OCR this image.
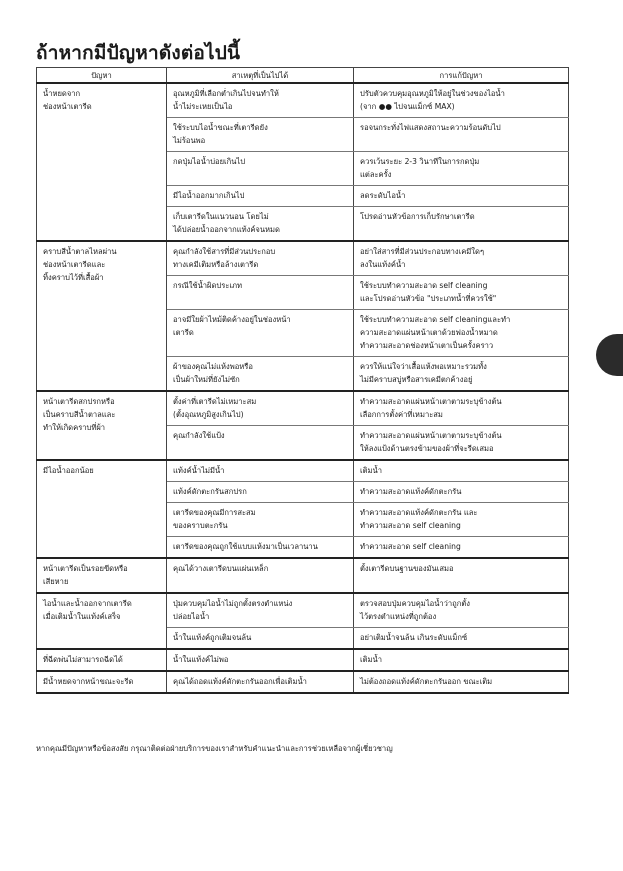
ถ้าหากมีปัญหาดังต่อไปนี้
ปัญหา	สาเหตุที่เป็นไปได้	การแก้ปัญหา
น้ำหยดจาก
ช่องหน้าเตารีด	อุณหภูมิที่เลือกต่ำเกินไปจนทำให้
น้ำไม่ระเหยเป็นไอ	ปรับตัวควบคุมอุณหภูมิให้อยู่ในช่วงของไอน้ำ
(จาก ●● ไปจนแม็กซ์ MAX)
	ใช้ระบบไอน้ำขณะที่เตารีดยัง
ไม่ร้อนพอ	รอจนกระทั่งไฟแสดงสถานะความร้อนดับไป
	กดปุ่มไอน้ำบ่อยเกินไป	ควรเว้นระยะ 2-3 วินาทีในการกดปุ่ม
แต่ละครั้ง
	มีไอน้ำออกมากเกินไป	ลดระดับไอน้ำ
	เก็บเตารีดในแนวนอน โดยไม่
ได้ปล่อยน้ำออกจากแท้งค์จนหมด	โปรดอ่านหัวข้อการเก็บรักษาเตารีด
คราบสีน้ำตาลไหลผ่าน
ช่องหน้าเตารีดและ
ทิ้งคราบไว้ที่เสื้อผ้า	คุณกำลังใช้สารที่มีส่วนประกอบ
ทางเคมีเติมหรือล้างเตารีด	อย่าใส่สารที่มีส่วนประกอบทางเคมีใดๆ
ลงในแท้งค์น้ำ
	กรณีใช้น้ำผิดประเภท	ใช้ระบบทำความสะอาด self cleaning
และโปรดอ่านหัวข้อ "ประเภทน้ำที่ควรใช้"
	อาจมีใยผ้าไหม้ติดค้างอยู่ในช่องหน้า
เตารีด	ใช้ระบบทำความสะอาด self cleaningและทำ
ความสะอาดแผ่นหน้าเตาด้วยฟองน้ำหมาด
ทำความสะอาดช่องหน้าเตาเป็นครั้งคราว
	ผ้าของคุณไม่แห้งพอหรือ
เป็นผ้าใหม่ที่ยังไม่ซัก	ควรให้แน่ใจว่าเสื้อแห้งพอเหมาะรวมทั้ง
ไม่มีคราบสบู่หรือสารเคมีตกค้างอยู่
หน้าเตารีดสกปรกหรือ
เป็นคราบสีน้ำตาลและ
ทำให้เกิดคราบที่ผ้า	ตั้งค่าที่เตารีดไม่เหมาะสม
(ตั้งอุณหภูมิสูงเกินไป)	ทำความสะอาดแผ่นหน้าเตาตามระบุข้างต้น
เลือกการตั้งค่าที่เหมาะสม
	คุณกำลังใช้แป้ง	ทำความสะอาดแผ่นหน้าเตาตามระบุข้างต้น
ให้ลงแป้งด้านตรงข้ามของผ้าที่จะรีดเสมอ
มีไอน้ำออกน้อย	แท้งค์น้ำไม่มีน้ำ	เติมน้ำ
	แท้งค์ดักตะกรันสกปรก	ทำความสะอาดแท้งค์ดักตะกรัน
	เตารีดของคุณมีการสะสม
ของคราบตะกรัน	ทำความสะอาดแท้งค์ดักตะกรัน และ
ทำความสะอาด self cleaning
	เตารีดของคุณถูกใช้แบบแห้งมาเป็นเวลานาน	ทำความสะอาด self cleaning
หน้าเตารีดเป็นรอยขีดหรือ
เสียหาย	คุณได้วางเตารีดบนแผ่นเหล็ก	ตั้งเตารีดบนฐานของมันเสมอ
ไอน้ำและน้ำออกจากเตารีด
เมื่อเติมน้ำในแท้งค์เสร็จ	ปุ่มควบคุมไอน้ำไม่ถูกตั้งตรงตำแหน่ง
ปล่อยไอน้ำ	ตรวจสอบปุ่มควบคุมไอน้ำว่าถูกตั้ง
ไว้ตรงตำแหน่งที่ถูกต้อง
	น้ำในแท้งค์ถูกเติมจนล้น	อย่าเติมน้ำจนล้น เกินระดับแม็กซ์
ที่ฉีดพ่นไม่สามารถฉีดได้	น้ำในแท้งค์ไม่พอ	เติมน้ำ
มีน้ำหยดจากหน้าขณะจะรีด	คุณได้ถอดแท้งค์ดักตะกรันออกเพื่อเติมน้ำ	ไม่ต้องถอดแท้งค์ดักตะกรันออก ขณะเติม
หากคุณมีปัญหาหรือข้อสงสัย กรุณาติดต่อฝ่ายบริการของเราสำหรับคำแนะนำและการช่วยเหลือจากผู้เชี่ยวชาญ
